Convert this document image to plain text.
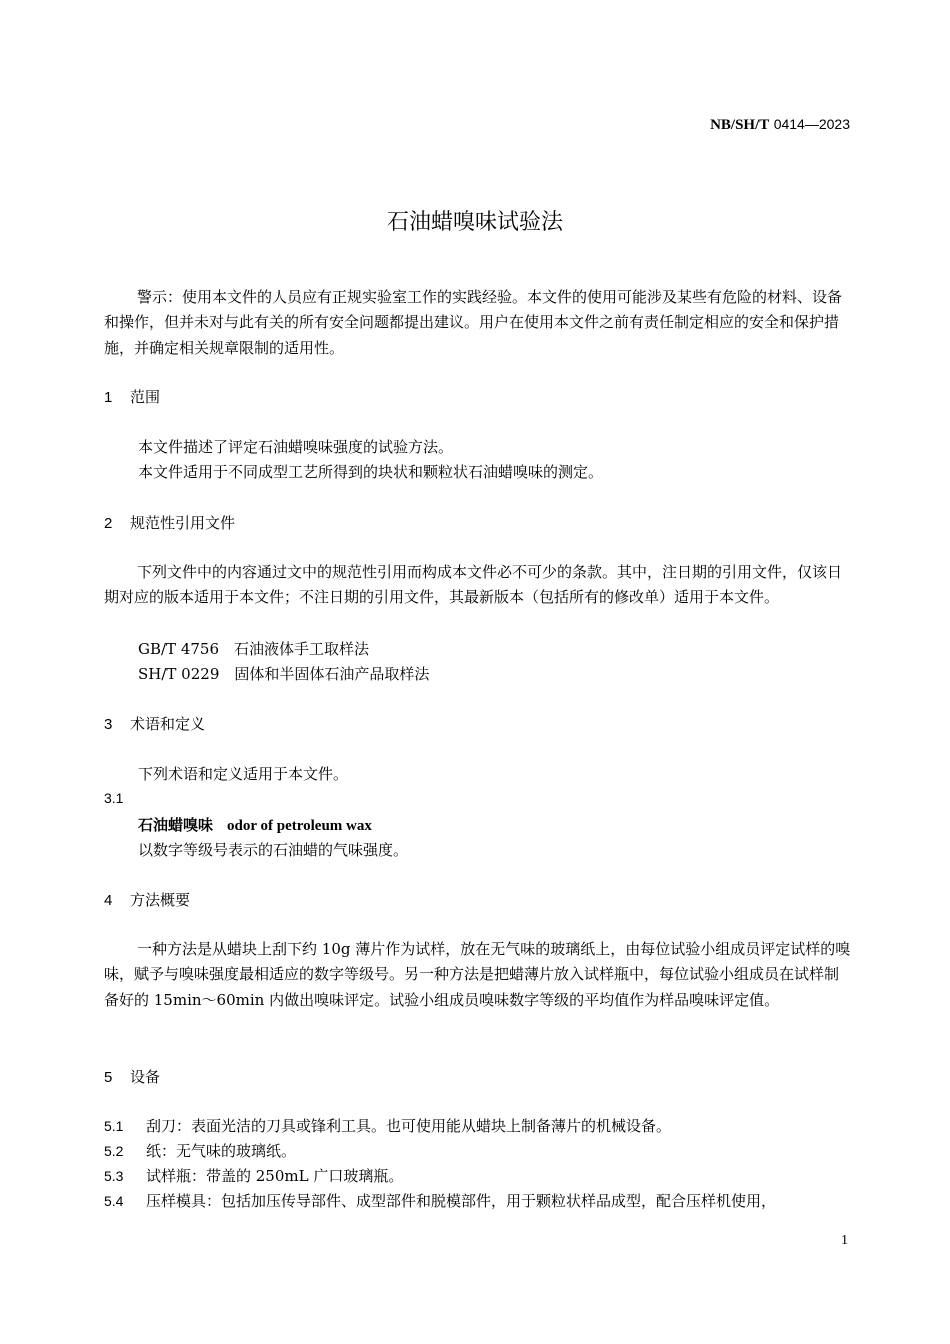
NB/SH/T 0414—2023
石油蜡嗅味试验法
警示：使用本文件的人员应有正规实验室工作的实践经验。本文件的使用可能涉及某些有危险的材料、设备和操作，但并未对与此有关的所有安全问题都提出建议。用户在使用本文件之前有责任制定相应的安全和保护措施，并确定相关规章限制的适用性。
1 范围
本文件描述了评定石油蜡嗅味强度的试验方法。
本文件适用于不同成型工艺所得到的块状和颗粒状石油蜡嗅味的测定。
2 规范性引用文件
下列文件中的内容通过文中的规范性引用而构成本文件必不可少的条款。其中，注日期的引用文件，仅该日期对应的版本适用于本文件；不注日期的引用文件，其最新版本（包括所有的修改单）适用于本文件。
GB/T 4756　石油液体手工取样法
SH/T 0229　固体和半固体石油产品取样法
3 术语和定义
下列术语和定义适用于本文件。
3.1
石油蜡嗅味 odor of petroleum wax
以数字等级号表示的石油蜡的气味强度。
4 方法概要
一种方法是从蜡块上刮下约 10g 薄片作为试样，放在无气味的玻璃纸上，由每位试验小组成员评定试样的嗅味，赋予与嗅味强度最相适应的数字等级号。另一种方法是把蜡薄片放入试样瓶中，每位试验小组成员在试样制备好的 15min～60min 内做出嗅味评定。试验小组成员嗅味数字等级的平均值作为样品嗅味评定值。
5 设备
5.1 刮刀：表面光洁的刀具或锋利工具。也可使用能从蜡块上制备薄片的机械设备。
5.2 纸：无气味的玻璃纸。
5.3 试样瓶：带盖的 250mL 广口玻璃瓶。
5.4 压样模具：包括加压传导部件、成型部件和脱模部件，用于颗粒状样品成型，配合压样机使用，
1
